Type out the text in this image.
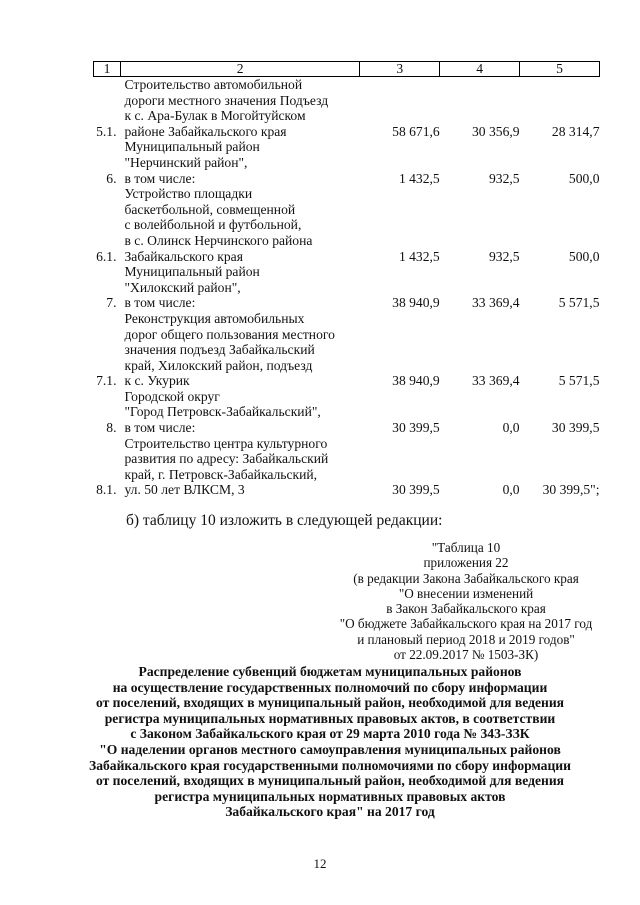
1	2	3	4	5
5.1.	Строительство автомобильной
дороги местного значения Подъезд
к с. Ара-Булак в Могойтуйском
районе Забайкальского края	58 671,6	30 356,9	28 314,7
6.	Муниципальный район
"Нерчинский район",
в том числе:	1 432,5	932,5	500,0
6.1.	Устройство площадки
баскетбольной, совмещенной
с волейбольной и футбольной,
в с. Олинск Нерчинского района
Забайкальского края	1 432,5	932,5	500,0
7.	Муниципальный район
"Хилокский район",
в том числе:	38 940,9	33 369,4	5 571,5
7.1.	Реконструкция автомобильных
дорог общего пользования местного
значения подъезд Забайкальский
край, Хилокский район, подъезд
к с. Укурик	38 940,9	33 369,4	5 571,5
8.	Городской округ
"Город Петровск-Забайкальский",
в том числе:	30 399,5	0,0	30 399,5
8.1.	Строительство центра культурного
развития по адресу: Забайкальский
край, г. Петровск-Забайкальский,
ул. 50 лет ВЛКСМ, 3	30 399,5	0,0	30 399,5";
б) таблицу 10 изложить в следующей редакции:
"Таблица 10
приложения 22
(в редакции Закона Забайкальского края
"О внесении изменений
в Закон Забайкальского края
"О бюджете Забайкальского края на 2017 год
и плановый период 2018 и 2019 годов"
от 22.09.2017 № 1503-ЗК)
Распределение субвенций бюджетам муниципальных районов
на осуществление государственных полномочий по сбору информации
от поселений, входящих в муниципальный район, необходимой для ведения
регистра муниципальных нормативных правовых актов, в соответствии
с Законом Забайкальского края от 29 марта 2010 года № 343-ЗЗК
"О наделении органов местного самоуправления муниципальных районов
Забайкальского края государственными полномочиями по сбору информации
от поселений, входящих в муниципальный район, необходимой для ведения
регистра муниципальных нормативных правовых актов
Забайкальского края" на 2017 год
12
